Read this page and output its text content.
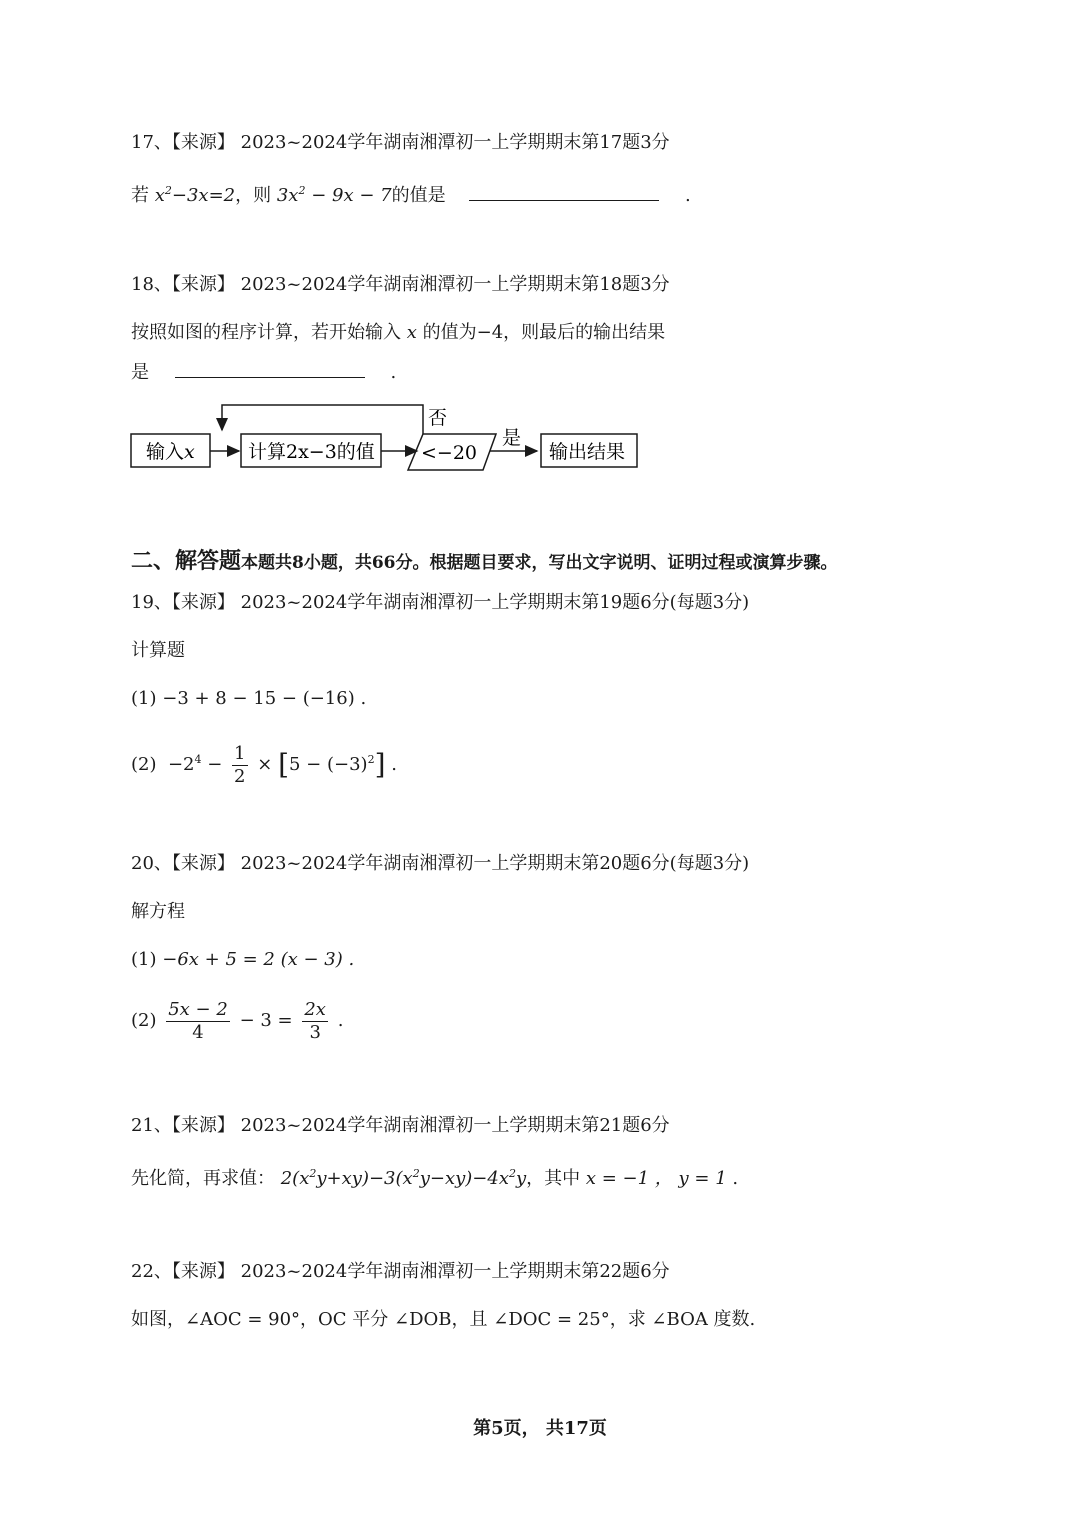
17、【来源】 2023~2024学年湖南湘潭初一上学期期末第17题3分
若 $x^2-3x=2$，则 $3x^2 - 9x - 7$的值是	.
18、【来源】 2023~2024学年湖南湘潭初一上学期期末第18题3分
按照如图的程序计算，若开始输入 x 的值为−4，则最后的输出结果
是	.
输入x	计算2x−3的值 <−20
否
是
输出结果
二、解答题本题共8小题，共66分。根据题目要求，写出文字说明、证明过程或演算步骤。
19、【来源】 2023~2024学年湖南湘潭初一上学期期末第19题6分(每题3分)
计算题
(1) −3 + 8 − 15 − (−16) .
$(2) -2^4 - \frac{1}{2} \times [5 - (-3)^2]$ .
20、【来源】 2023~2024学年湖南湘潭初一上学期期末第20题6分(每题3分)
解方程
(1) −6x + 5 = 2 (x − 3) .
$(2) \frac{5x - 2}{4} - 3 = \frac{2x}{3}$ .
21、【来源】 2023~2024学年湖南湘潭初一上学期期末第21题6分
先化简，再求值： $2(x^2y+xy)-3(x^2y-xy)-4x^2y$，其中 x = −1 ， y = 1 .
22、【来源】 2023~2024学年湖南湘潭初一上学期期末第22题6分
如图，∠AOC = 90°，OC 平分 ∠DOB，且 ∠DOC = 25°，求 ∠BOA 度数.
第5页， 共17页
